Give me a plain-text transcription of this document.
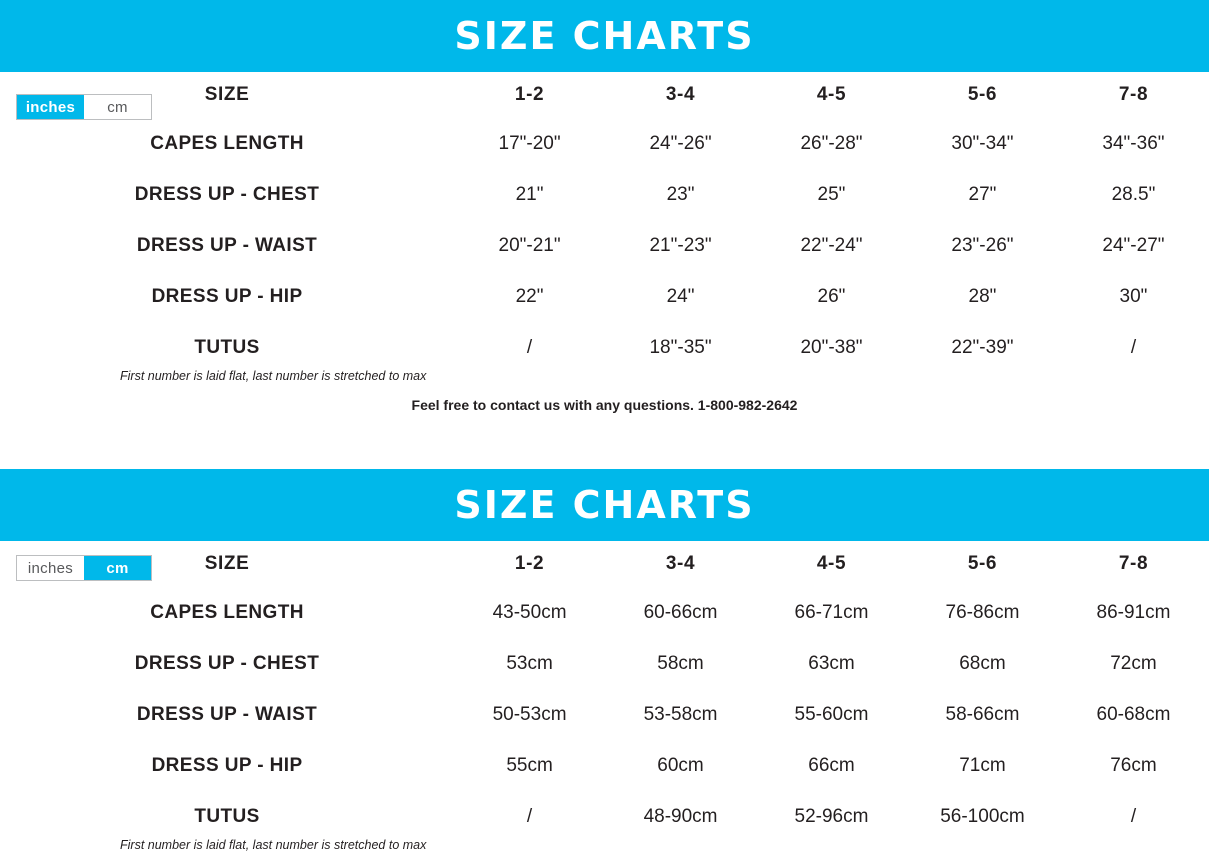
SIZE CHARTS
inches	cm
SIZE	1-2	3-4	4-5	5-6	7-8
CAPES LENGTH	17"-20"	24"-26"	26"-28"	30"-34"	34"-36"
DRESS UP - CHEST	21"	23"	25"	27"	28.5"
DRESS UP - WAIST	20"-21"	21"-23"	22"-24"	23"-26"	24"-27"
DRESS UP - HIP	22"	24"	26"	28"	30"
TUTUS	/	18"-35"	20"-38"	22"-39"	/
First number is laid flat, last number is stretched to max
Feel free to contact us with any questions. 1-800-982-2642
SIZE CHARTS
inches	cm	SIZE	1-2	3-4	4-5	5-6	7-8
CAPES LENGTH	43-50cm	60-66cm	66-71cm	76-86cm	86-91cm
DRESS UP - CHEST	53cm	58cm	63cm	68cm	72cm
DRESS UP - WAIST	50-53cm	53-58cm	55-60cm	58-66cm	60-68cm
DRESS UP - HIP	55cm	60cm	66cm	71cm	76cm
TUTUS	/	48-90cm	52-96cm	56-100cm	/
First number is laid flat, last number is stretched to max
